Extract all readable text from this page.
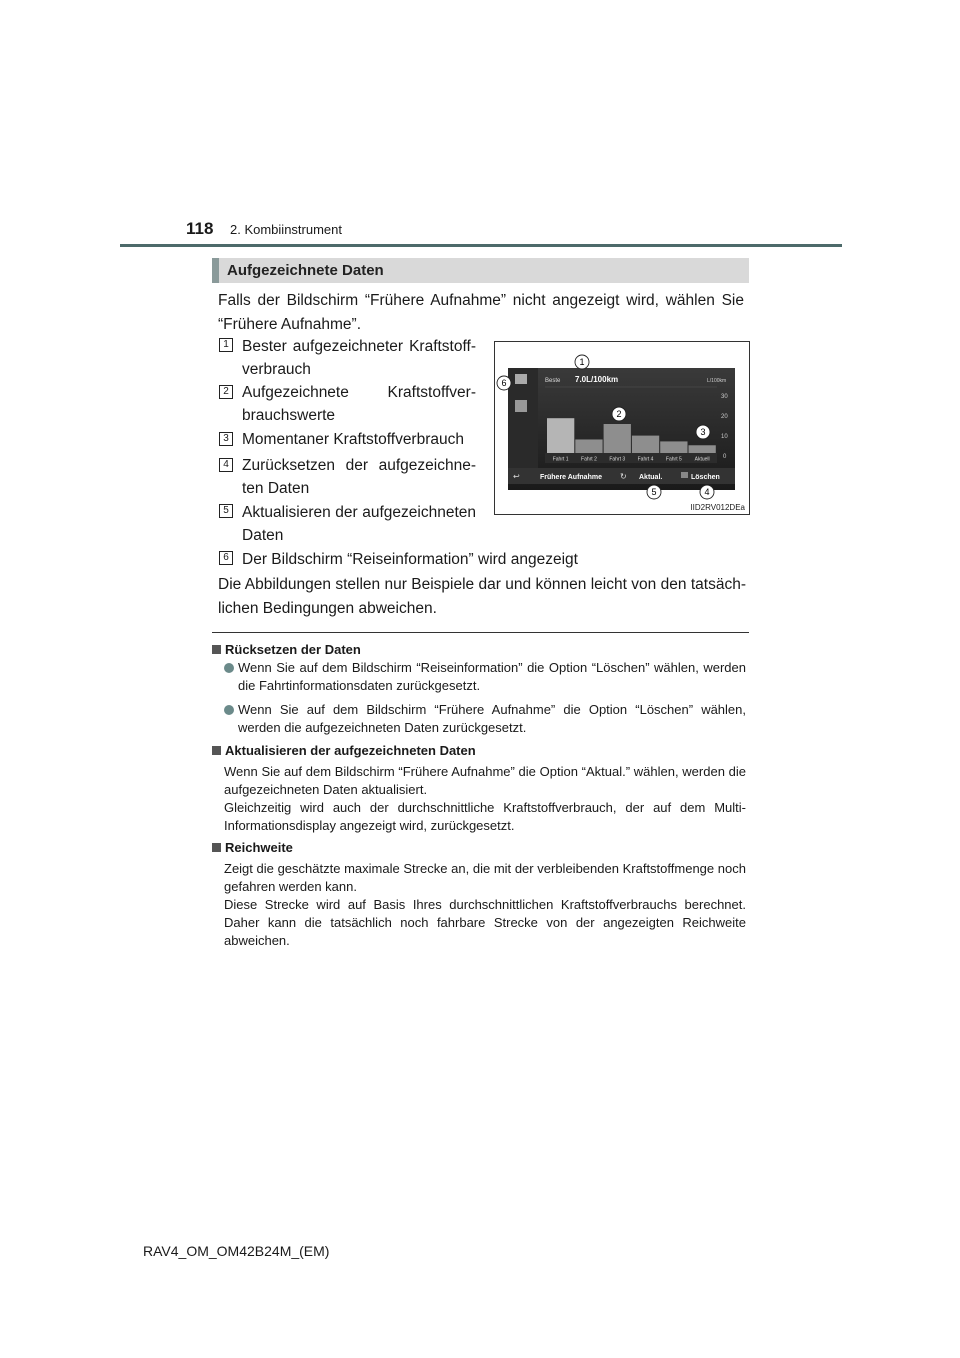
118 2. Kombiinstrument
Aufgezeichnete Daten
Falls der Bildschirm “Frühere Aufnahme” nicht angezeigt wird, wählen Sie “Frühere Aufnahme”.
1 Bester aufgezeichneter Kraftstoffverbrauch
2 Aufgezeichnete Kraftstoffverbrauchswerte
3 Momentaner Kraftstoffverbrauch
4 Zurücksetzen der aufgezeichneten Daten
5 Aktualisieren der aufgezeichneten Daten
6 Der Bildschirm “Reiseinformation” wird angezeigt
Die Abbildungen stellen nur Beispiele dar und können leicht von den tatsächlichen Bedingungen abweichen.
Beste 7.0L/100km	L/100km
30
20
10
0
Fahrt 1 Fahrt 2 Fahrt 3 Fahrt 4 Fahrt 5	Aktuell
↩	Frühere Aufnahme ↻ Aktual.	Löschen
1
2
3
4
5
6
IID2RV012DEa
Rücksetzen der Daten
Wenn Sie auf dem Bildschirm “Reiseinformation” die Option “Löschen” wählen, werden die Fahrtinformationsdaten zurückgesetzt.
Wenn Sie auf dem Bildschirm “Frühere Aufnahme” die Option “Löschen” wählen, werden die aufgezeichneten Daten zurückgesetzt.
Aktualisieren der aufgezeichneten Daten
Wenn Sie auf dem Bildschirm “Frühere Aufnahme” die Option “Aktual.” wählen, werden die aufgezeichneten Daten aktualisiert.
Gleichzeitig wird auch der durchschnittliche Kraftstoffverbrauch, der auf dem Multi-Informationsdisplay angezeigt wird, zurückgesetzt.
Reichweite
Zeigt die geschätzte maximale Strecke an, die mit der verbleibenden Kraftstoffmenge noch gefahren werden kann.
Diese Strecke wird auf Basis Ihres durchschnittlichen Kraftstoffverbrauchs berechnet. Daher kann die tatsächlich noch fahrbare Strecke von der angezeigten Reichweite abweichen.
RAV4_OM_OM42B24M_(EM)
